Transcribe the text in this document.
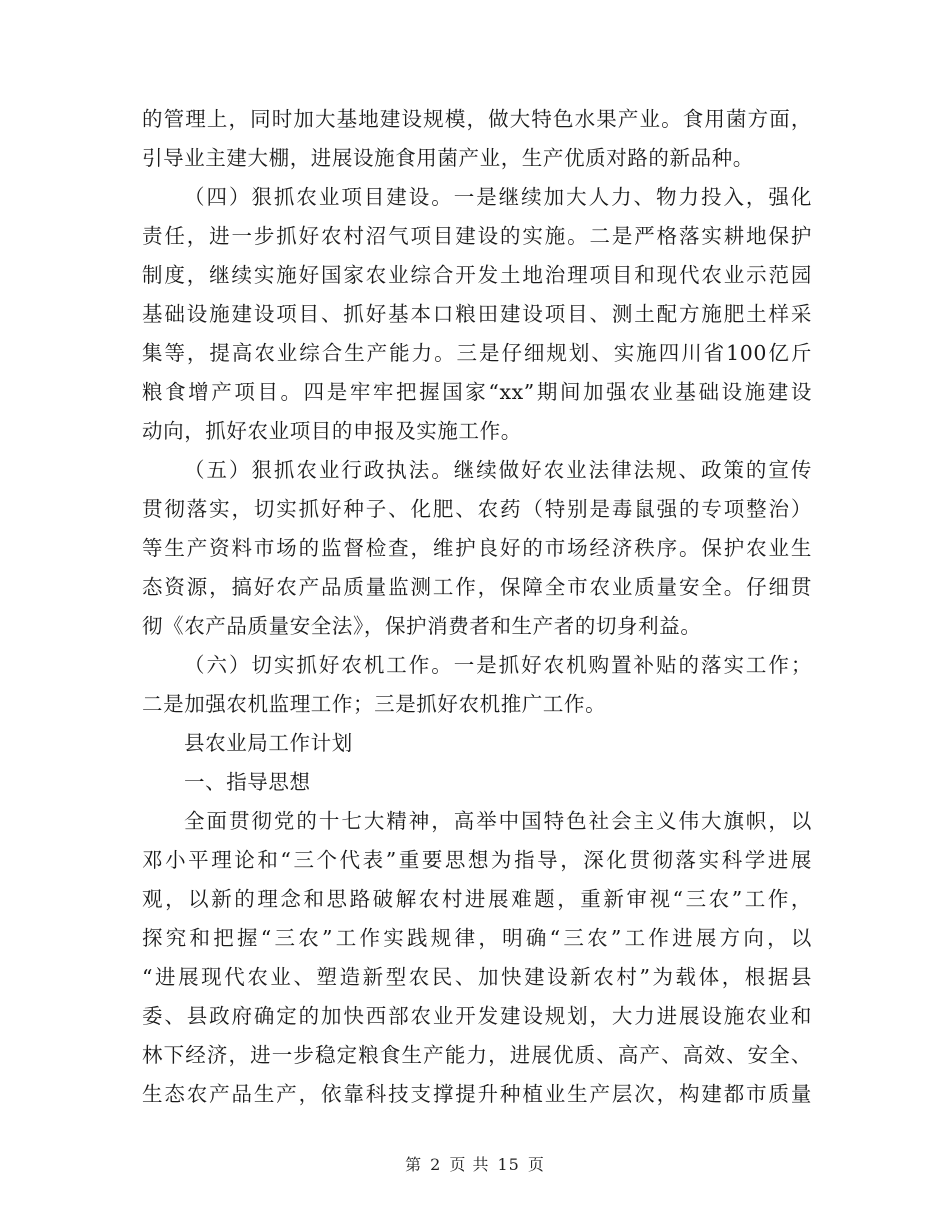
的管理上，同时加大基地建设规模，做大特色水果产业。食用菌方面，
引导业主建大棚，进展设施食用菌产业，生产优质对路的新品种。
（四）狠抓农业项目建设。一是继续加大人力、物力投入，强化
责任，进一步抓好农村沼气项目建设的实施。二是严格落实耕地保护
制度，继续实施好国家农业综合开发土地治理项目和现代农业示范园
基础设施建设项目、抓好基本口粮田建设项目、测土配方施肥土样采
集等，提高农业综合生产能力。三是仔细规划、实施四川省100亿斤
粮食增产项目。四是牢牢把握国家“xx”期间加强农业基础设施建设
动向，抓好农业项目的申报及实施工作。
（五）狠抓农业行政执法。继续做好农业法律法规、政策的宣传
贯彻落实，切实抓好种子、化肥、农药（特别是毒鼠强的专项整治）
等生产资料市场的监督检查，维护良好的市场经济秩序。保护农业生
态资源，搞好农产品质量监测工作，保障全市农业质量安全。仔细贯
彻《农产品质量安全法》，保护消费者和生产者的切身利益。
（六）切实抓好农机工作。一是抓好农机购置补贴的落实工作；
二是加强农机监理工作；三是抓好农机推广工作。
县农业局工作计划
一、指导思想
全面贯彻党的十七大精神，高举中国特色社会主义伟大旗帜，以
邓小平理论和“三个代表”重要思想为指导，深化贯彻落实科学进展
观，以新的理念和思路破解农村进展难题，重新审视“三农”工作，
探究和把握“三农”工作实践规律，明确“三农”工作进展方向，以
“进展现代农业、塑造新型农民、加快建设新农村”为载体，根据县
委、县政府确定的加快西部农业开发建设规划，大力进展设施农业和
林下经济，进一步稳定粮食生产能力，进展优质、高产、高效、安全、
生态农产品生产，依靠科技支撑提升种植业生产层次，构建都市质量
第 2 页 共 15 页
